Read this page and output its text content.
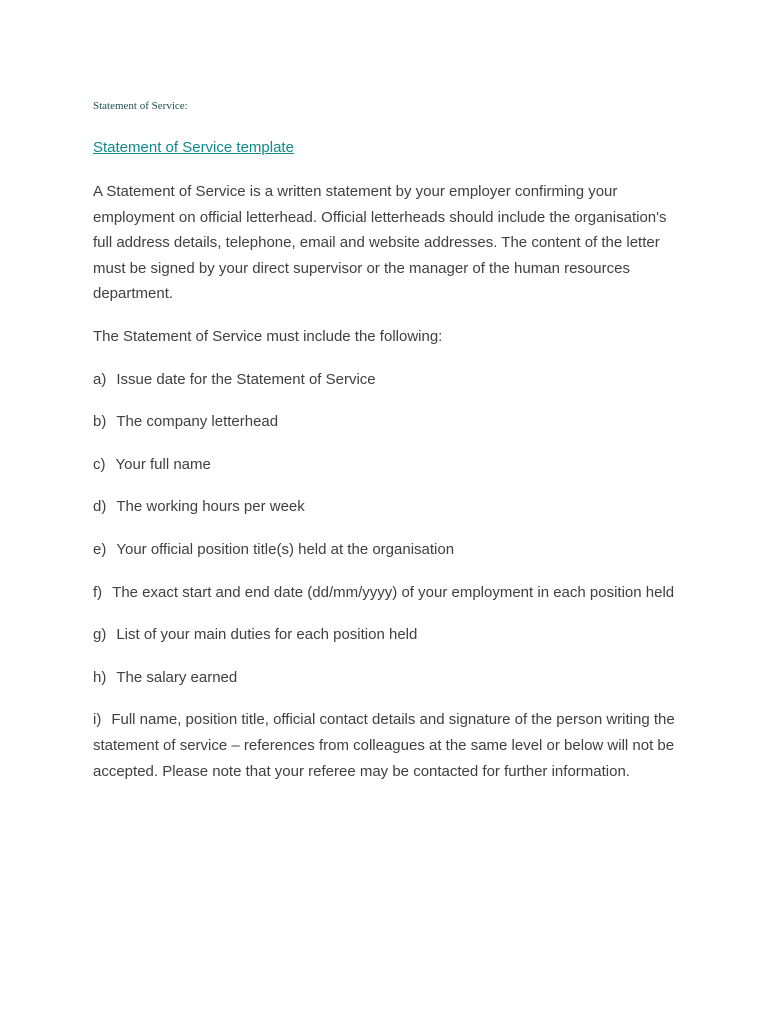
Statement of Service:

Statement of Service template

A Statement of Service is a written statement by your employer confirming your employment on official letterhead. Official letterheads should include the organisation's full address details, telephone, email and website addresses. The content of the letter must be signed by your direct supervisor or the manager of the human resources department.

The Statement of Service must include the following:

a) Issue date for the Statement of Service

b) The company letterhead

c) Your full name

d) The working hours per week

e) Your official position title(s) held at the organisation

f) The exact start and end date (dd/mm/yyyy) of your employment in each position held

g) List of your main duties for each position held

h) The salary earned

i) Full name, position title, official contact details and signature of the person writing the statement of service – references from colleagues at the same level or below will not be accepted. Please note that your referee may be contacted for further information.
